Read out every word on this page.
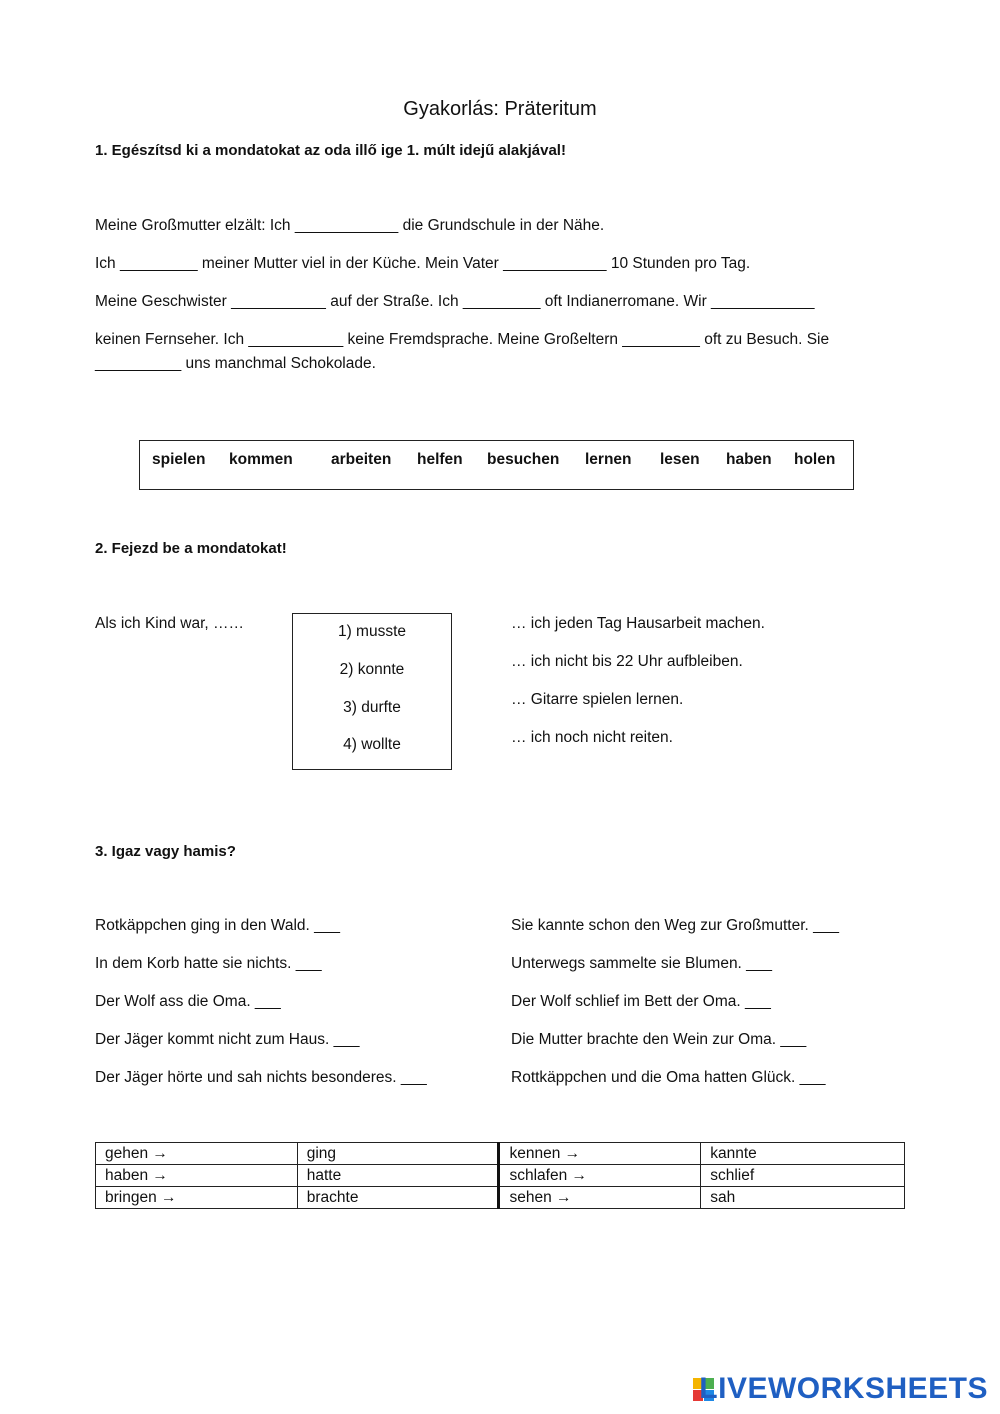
Gyakorlás: Präteritum
1. Egészítsd ki a mondatokat az oda illő ige 1. múlt idejű alakjával!
Meine Großmutter elzält: Ich ____________ die Grundschule in der Nähe.
Ich _________ meiner Mutter viel in der Küche. Mein Vater ____________ 10 Stunden pro Tag.
Meine Geschwister ___________ auf der Straße. Ich _________ oft Indianerromane. Wir ____________
keinen Fernseher. Ich ___________ keine Fremdsprache. Meine Großeltern _________ oft zu Besuch. Sie
__________ uns manchmal Schokolade.
spielen kommen arbeiten helfen besuchen lernen lesen haben holen
2. Fejezd be a mondatokat!
Als ich Kind war, ……	1) musste
2) konnte
3) durfte
4) wollte
… ich jeden Tag Hausarbeit machen.
… ich nicht bis 22 Uhr aufbleiben.
… Gitarre spielen lernen.
… ich noch nicht reiten.
3. Igaz vagy hamis?
Rotkäppchen ging in den Wald. ___
In dem Korb hatte sie nichts. ___
Der Wolf ass die Oma. ___
Der Jäger kommt nicht zum Haus. ___
Der Jäger hörte und sah nichts besonderes. ___
Sie kannte schon den Weg zur Großmutter. ___
Unterwegs sammelte sie Blumen. ___
Der Wolf schlief im Bett der Oma. ___
Die Mutter brachte den Wein zur Oma. ___
Rottkäppchen und die Oma hatten Glück. ___
gehen →	ging	kennen →	kannte
haben →	hatte	schlafen →	schlief
bringen →	brachte	sehen →	sah
LIVEWORKSHEETS
